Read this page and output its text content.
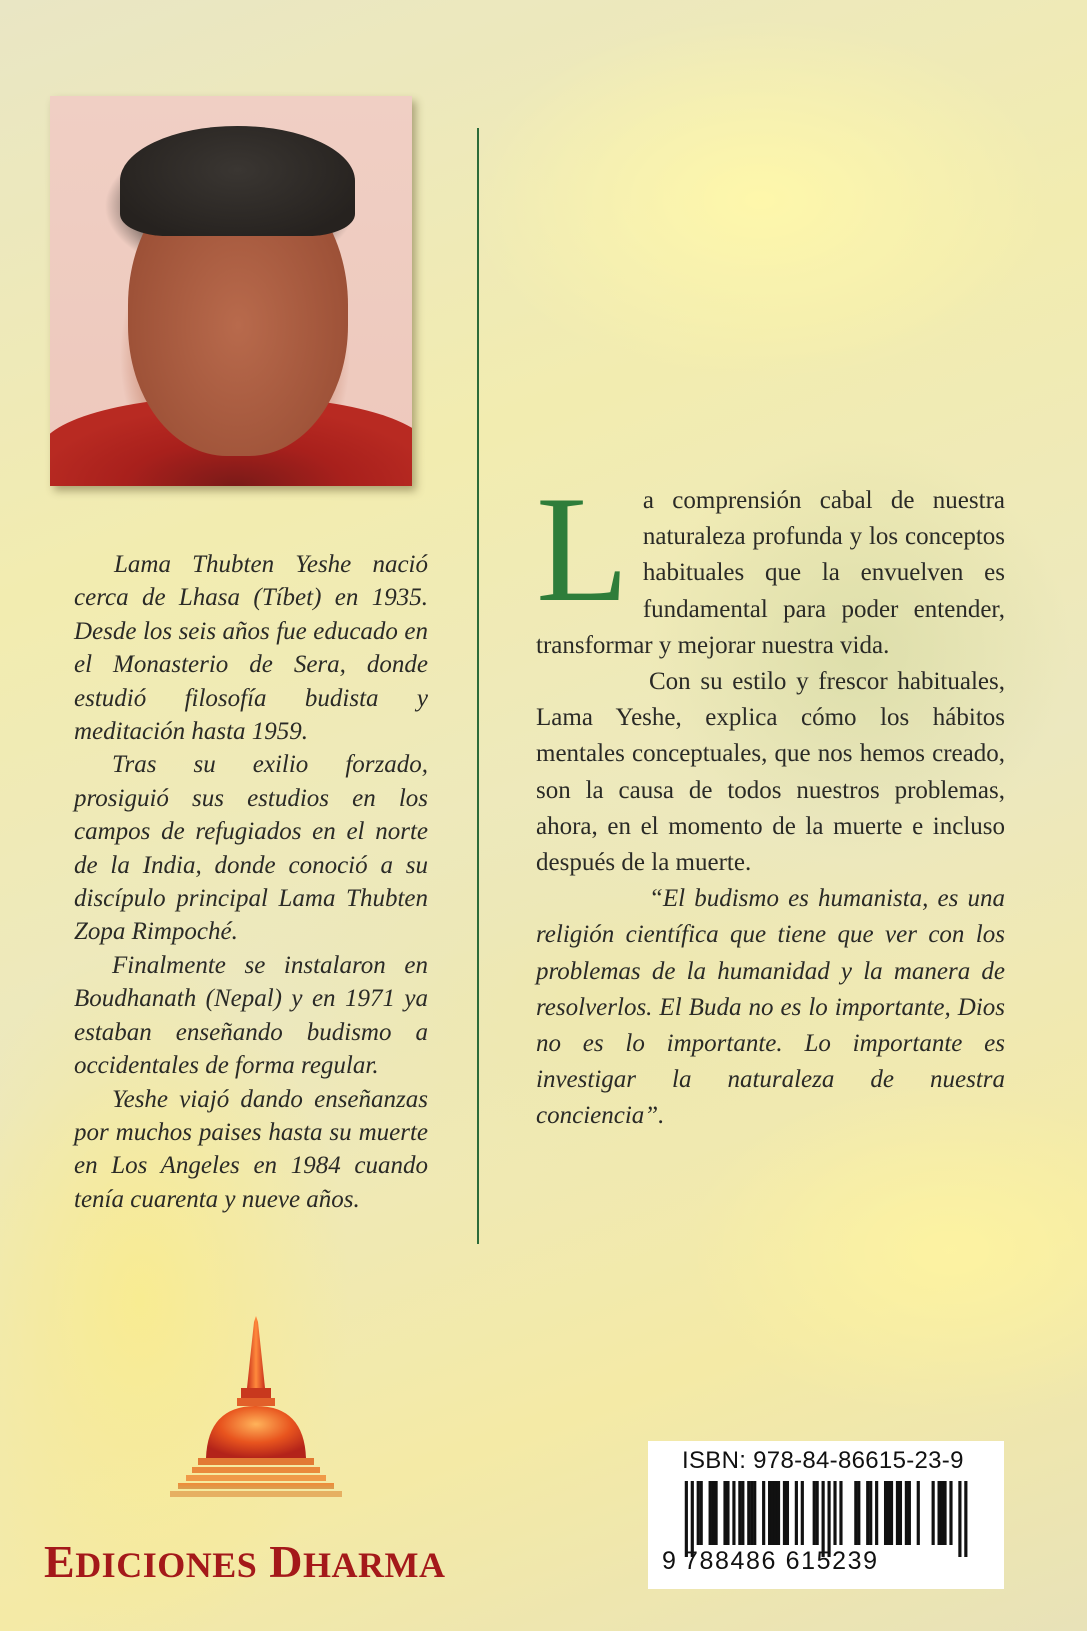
Lama Thubten Yeshe nació cerca de Lhasa (Tíbet) en 1935. Desde los seis años fue educado en el Monasterio de Sera, donde estudió filosofía budista y meditación hasta 1959.

Tras su exilio forzado, prosiguió sus estudios en los campos de refugiados en el norte de la India, donde conoció a su discípulo principal Lama Thubten Zopa Rimpoché.

Finalmente se instalaron en Boudhanath (Nepal) y en 1971 ya estaban enseñando budismo a occidentales de forma regular.

Yeshe viajó dando enseñanzas por muchos paises hasta su muerte en Los Angeles en 1984 cuando tenía cuarenta y nueve años.

L a comprensión cabal de nuestra naturaleza profunda y los conceptos habituales que la envuelven es fundamental para poder entender, transformar y mejorar nuestra vida.

Con su estilo y frescor habituales, Lama Yeshe, explica cómo los hábitos mentales conceptuales, que nos hemos creado, son la causa de todos nuestros problemas, ahora, en el momento de la muerte e incluso después de la muerte.

“El budismo es humanista, es una religión científica que tiene que ver con los problemas de la humanidad y la manera de resolverlos. El Buda no es lo importante, Dios no es lo importante. Lo importante es investigar la naturaleza de nuestra conciencia”.

EDICIONES DHARMA
ISBN: 978-84-86615-23-9
9 788486 615239
